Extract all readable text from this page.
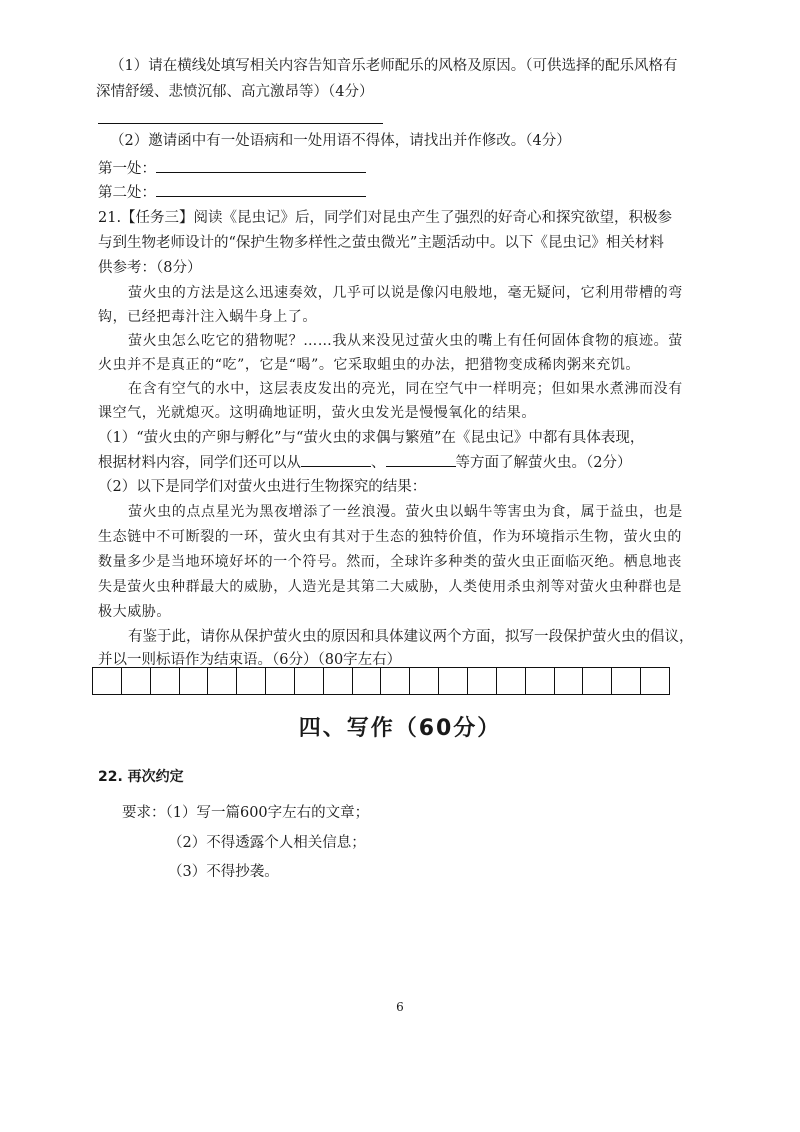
（1）请在横线处填写相关内容告知音乐老师配乐的风格及原因。（可供选择的配乐风格有
深情舒缓、悲愤沉郁、高亢激昂等）（4分）
（2）邀请函中有一处语病和一处用语不得体，请找出并作修改。（4分）
第一处：
第二处：
21.【任务三】阅读《昆虫记》后，同学们对昆虫产生了强烈的好奇心和探究欲望，积极参
与到生物老师设计的“保护生物多样性之萤虫微光”主题活动中。以下《昆虫记》相关材料
供参考：（8分）
萤火虫的方法是这么迅速奏效，几乎可以说是像闪电般地，毫无疑问，它利用带槽的弯
钩，已经把毒汁注入蜗牛身上了。
萤火虫怎么吃它的猎物呢？……我从来没见过萤火虫的嘴上有任何固体食物的痕迹。萤
火虫并不是真正的“吃”，它是“喝”。它采取蛆虫的办法，把猎物变成稀肉粥来充饥。
在含有空气的水中，这层表皮发出的亮光，同在空气中一样明亮；但如果水煮沸而没有
课空气，光就熄灭。这明确地证明，萤火虫发光是慢慢氧化的结果。
（1）“萤火虫的产卵与孵化”与“萤火虫的求偶与繁殖”在《昆虫记》中都有具体表现，
根据材料内容，同学们还可以从	、	等方面了解萤火虫。（2分）
（2）以下是同学们对萤火虫进行生物探究的结果：
萤火虫的点点星光为黑夜增添了一丝浪漫。萤火虫以蜗牛等害虫为食，属于益虫，也是
生态链中不可断裂的一环，萤火虫有其对于生态的独特价值，作为环境指示生物，萤火虫的
数量多少是当地环境好坏的一个符号。然而，全球许多种类的萤火虫正面临灭绝。栖息地丧
失是萤火虫种群最大的威胁，人造光是其第二大威胁，人类使用杀虫剂等对萤火虫种群也是
极大威胁。
有鉴于此，请你从保护萤火虫的原因和具体建议两个方面，拟写一段保护萤火虫的倡议，
并以一则标语作为结束语。（6分）（80字左右）
四、写作（60分）
22. 再次约定
要求：（1）写一篇600字左右的文章；
（2）不得透露个人相关信息；
（3）不得抄袭。
6
